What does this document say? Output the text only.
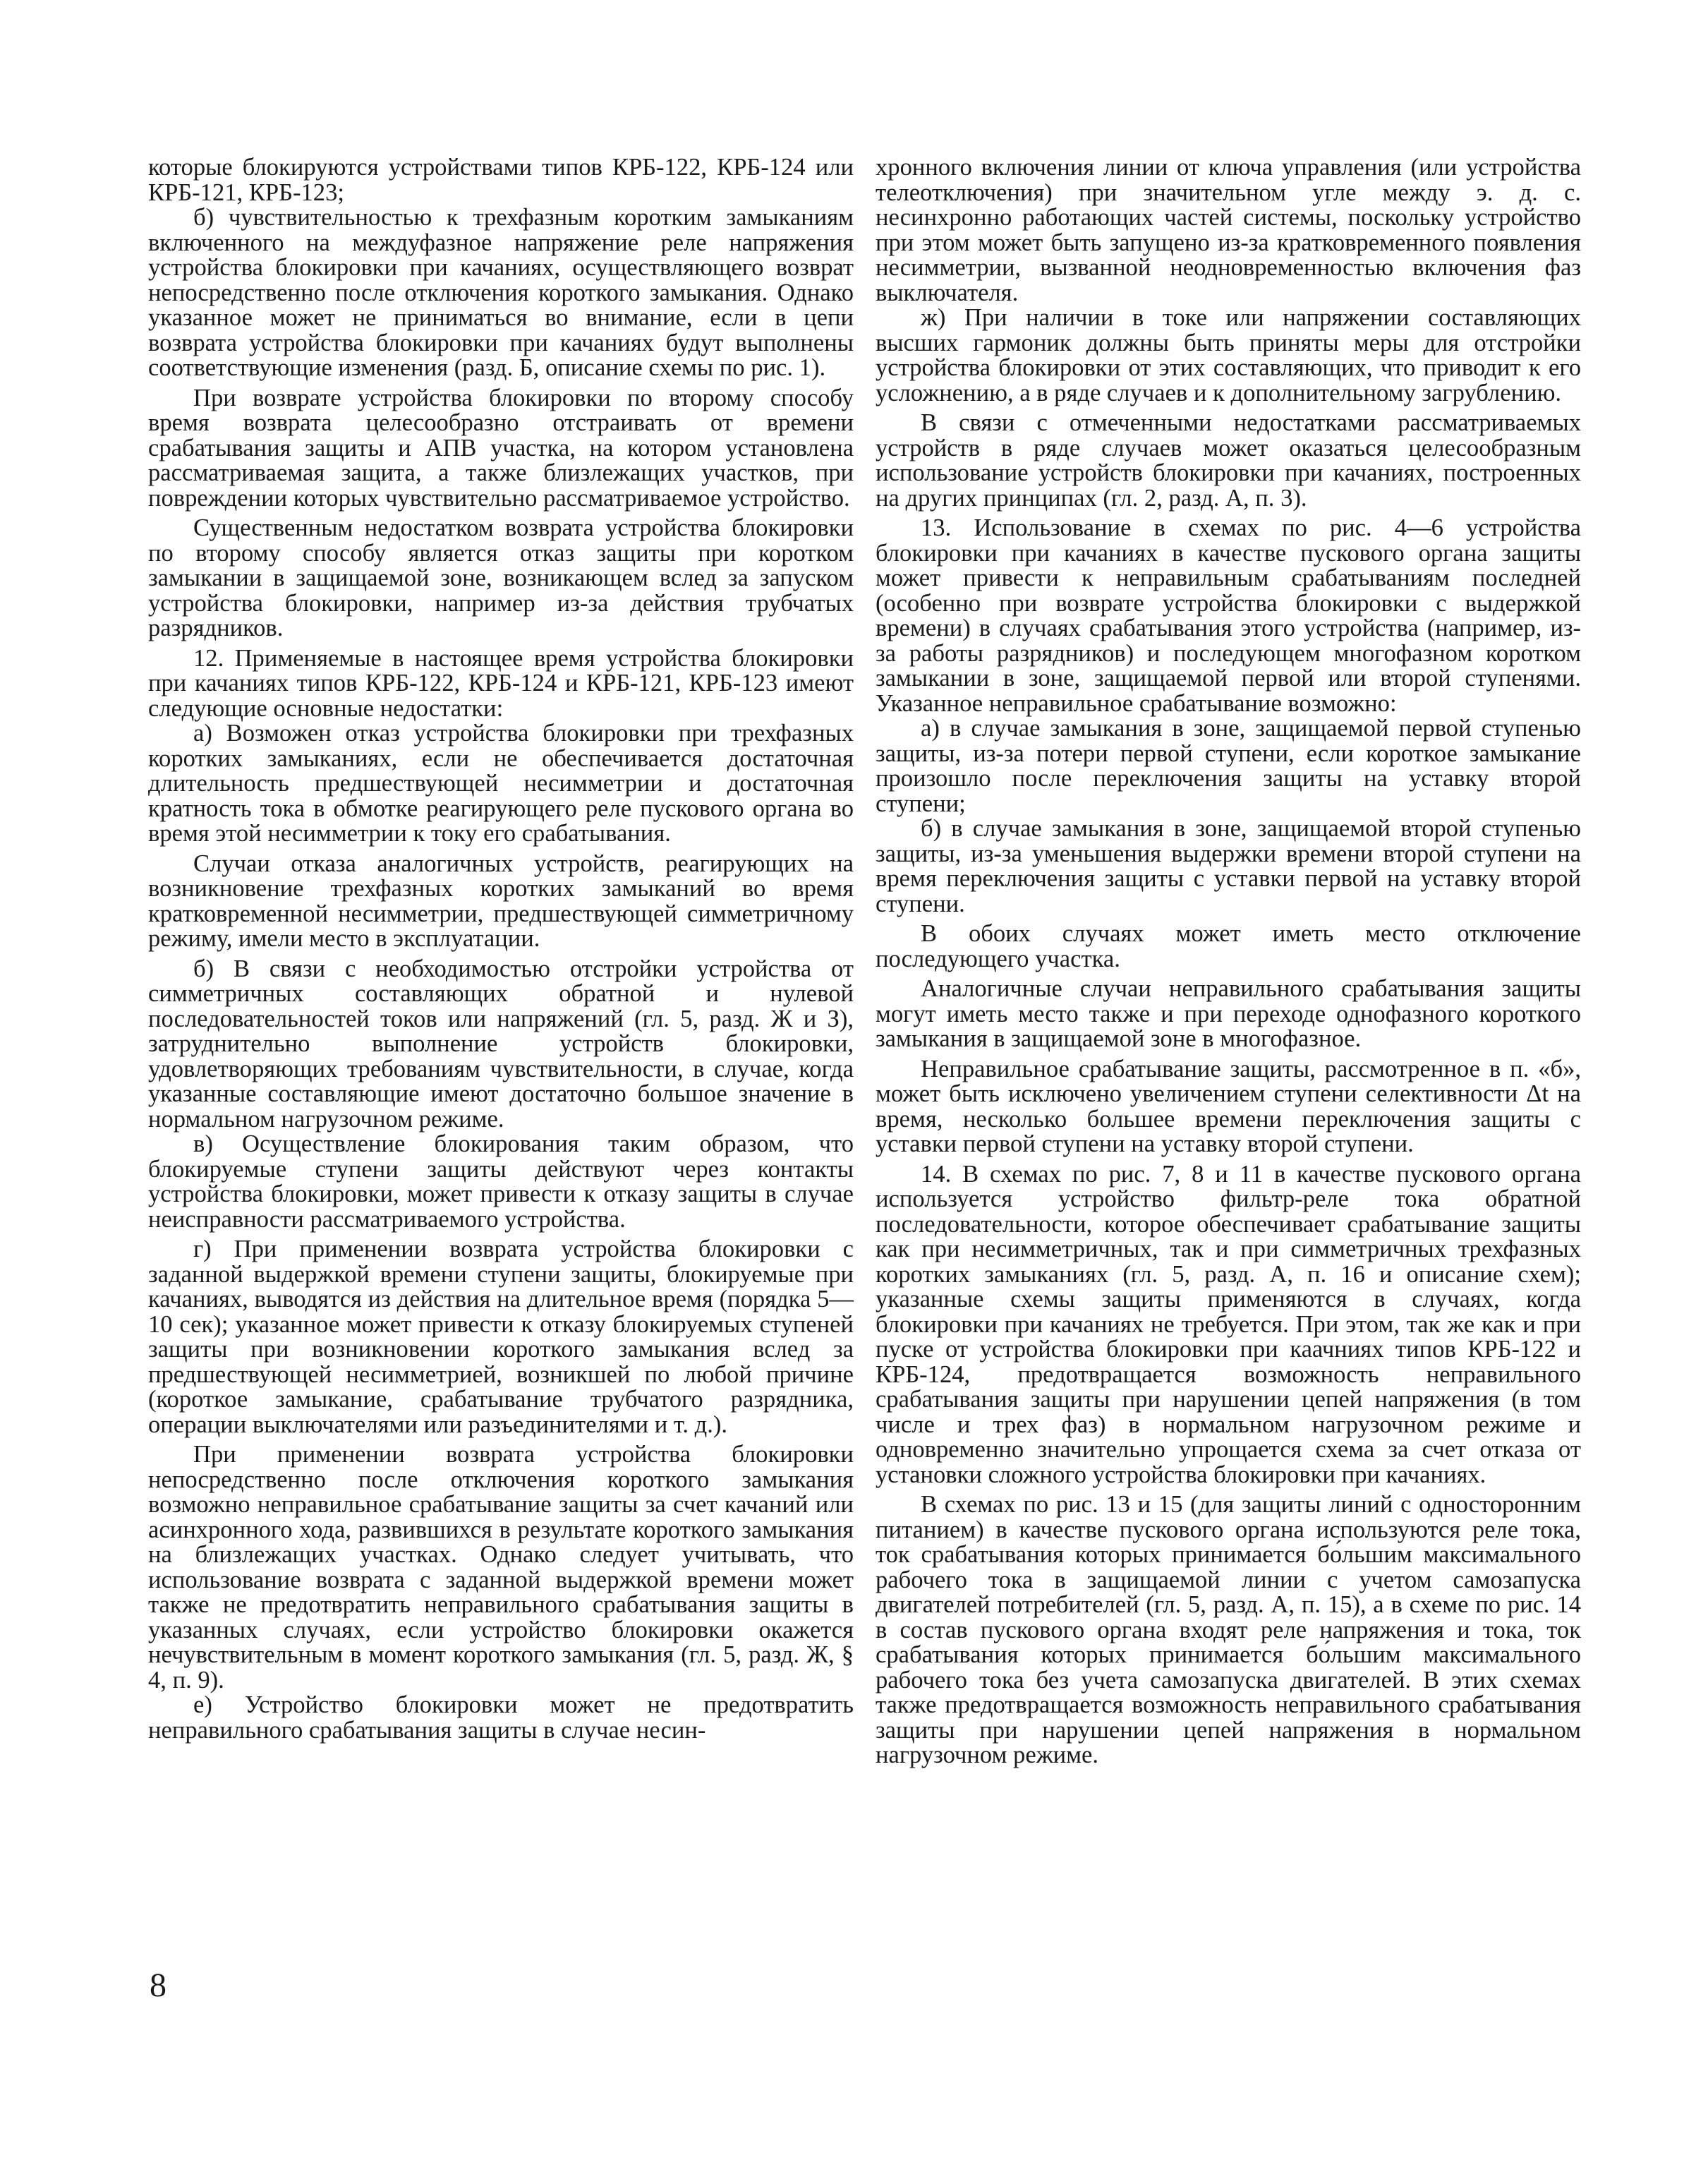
которые блокируются устройствами типов КРБ-122, КРБ-124 или КРБ-121, КРБ-123;

б) чувствительностью к трехфазным коротким замыканиям включенного на междуфазное напряжение реле напряжения устройства блокировки при качаниях, осуществляющего возврат непосредственно после отключения короткого замыкания. Однако указанное может не приниматься во внимание, если в цепи возврата устройства блокировки при качаниях будут выполнены соответствующие изменения (разд. Б, описание схемы по рис. 1).

При возврате устройства блокировки по второму способу время возврата целесообразно отстраивать от времени срабатывания защиты и АПВ участка, на котором установлена рассматриваемая защита, а также близлежащих участков, при повреждении которых чувствительно рассматриваемое устройство.

Существенным недостатком возврата устройства блокировки по второму способу является отказ защиты при коротком замыкании в защищаемой зоне, возникающем вслед за запуском устройства блокировки, например из-за действия трубчатых разрядников.

12. Применяемые в настоящее время устройства блокировки при качаниях типов КРБ-122, КРБ-124 и КРБ-121, КРБ-123 имеют следующие основные недостатки:

а) Возможен отказ устройства блокировки при трехфазных коротких замыканиях, если не обеспечивается достаточная длительность предшествующей несимметрии и достаточная кратность тока в обмотке реагирующего реле пускового органа во время этой несимметрии к току его срабатывания.

Случаи отказа аналогичных устройств, реагирующих на возникновение трехфазных коротких замыканий во время кратковременной несимметрии, предшествующей симметричному режиму, имели место в эксплуатации.

б) В связи с необходимостью отстройки устройства от симметричных составляющих обратной и нулевой последовательностей токов или напряжений (гл. 5, разд. Ж и З), затруднительно выполнение устройств блокировки, удовлетворяющих требованиям чувствительности, в случае, когда указанные составляющие имеют достаточно большое значение в нормальном нагрузочном режиме.

в) Осуществление блокирования таким образом, что блокируемые ступени защиты действуют через контакты устройства блокировки, может привести к отказу защиты в случае неисправности рассматриваемого устройства.

г) При применении возврата устройства блокировки с заданной выдержкой времени ступени защиты, блокируемые при качаниях, выводятся из действия на длительное время (порядка 5—10 сек); указанное может привести к отказу блокируемых ступеней защиты при возникновении короткого замыкания вслед за предшествующей несимметрией, возникшей по любой причине (короткое замыкание, срабатывание трубчатого разрядника, операции выключателями или разъединителями и т. д.).

При применении возврата устройства блокировки непосредственно после отключения короткого замыкания возможно неправильное срабатывание защиты за счет качаний или асинхронного хода, развившихся в результате короткого замыкания на близлежащих участках. Однако следует учитывать, что использование возврата с заданной выдержкой времени может также не предотвратить неправильного срабатывания защиты в указанных случаях, если устройство блокировки окажется нечувствительным в момент короткого замыкания (гл. 5, разд. Ж, § 4, п. 9).

е) Устройство блокировки может не предотвратить неправильного срабатывания защиты в случае несин-

хронного включения линии от ключа управления (или устройства телеотключения) при значительном угле между э. д. с. несинхронно работающих частей системы, поскольку устройство при этом может быть запущено из-за кратковременного появления несимметрии, вызванной неодновременностью включения фаз выключателя.

ж) При наличии в токе или напряжении составляющих высших гармоник должны быть приняты меры для отстройки устройства блокировки от этих составляющих, что приводит к его усложнению, а в ряде случаев и к дополнительному загрублению.

В связи с отмеченными недостатками рассматриваемых устройств в ряде случаев может оказаться целесообразным использование устройств блокировки при качаниях, построенных на других принципах (гл. 2, разд. А, п. 3).

13. Использование в схемах по рис. 4—6 устройства блокировки при качаниях в качестве пускового органа защиты может привести к неправильным срабатываниям последней (особенно при возврате устройства блокировки с выдержкой времени) в случаях срабатывания этого устройства (например, из-за работы разрядников) и последующем многофазном коротком замыкании в зоне, защищаемой первой или второй ступенями. Указанное неправильное срабатывание возможно:

а) в случае замыкания в зоне, защищаемой первой ступенью защиты, из-за потери первой ступени, если короткое замыкание произошло после переключения защиты на уставку второй ступени;

б) в случае замыкания в зоне, защищаемой второй ступенью защиты, из-за уменьшения выдержки времени второй ступени на время переключения защиты с уставки первой на уставку второй ступени.

В обоих случаях может иметь место отключение последующего участка.

Аналогичные случаи неправильного срабатывания защиты могут иметь место также и при переходе однофазного короткого замыкания в защищаемой зоне в многофазное.

Неправильное срабатывание защиты, рассмотренное в п. «б», может быть исключено увеличением ступени селективности Δt на время, несколько большее времени переключения защиты с уставки первой ступени на уставку второй ступени.

14. В схемах по рис. 7, 8 и 11 в качестве пускового органа используется устройство фильтр-реле тока обратной последовательности, которое обеспечивает срабатывание защиты как при несимметричных, так и при симметричных трехфазных коротких замыканиях (гл. 5, разд. А, п. 16 и описание схем); указанные схемы защиты применяются в случаях, когда блокировки при качаниях не требуется. При этом, так же как и при пуске от устройства блокировки при каачниях типов КРБ-122 и КРБ-124, предотвращается возможность неправильного срабатывания защиты при нарушении цепей напряжения (в том числе и трех фаз) в нормальном нагрузочном режиме и одновременно значительно упрощается схема за счет отказа от установки сложного устройства блокировки при качаниях.

В схемах по рис. 13 и 15 (для защиты линий с односторонним питанием) в качестве пускового органа используются реле тока, ток срабатывания которых принимается бо́льшим максимального рабочего тока в защищаемой линии с учетом самозапуска двигателей потребителей (гл. 5, разд. А, п. 15), а в схеме по рис. 14 в состав пускового органа входят реле напряжения и тока, ток срабатывания которых принимается бо́льшим максимального рабочего тока без учета самозапуска двигателей. В этих схемах также предотвращается возможность неправильного срабатывания защиты при нарушении цепей напряжения в нормальном нагрузочном режиме.

8
